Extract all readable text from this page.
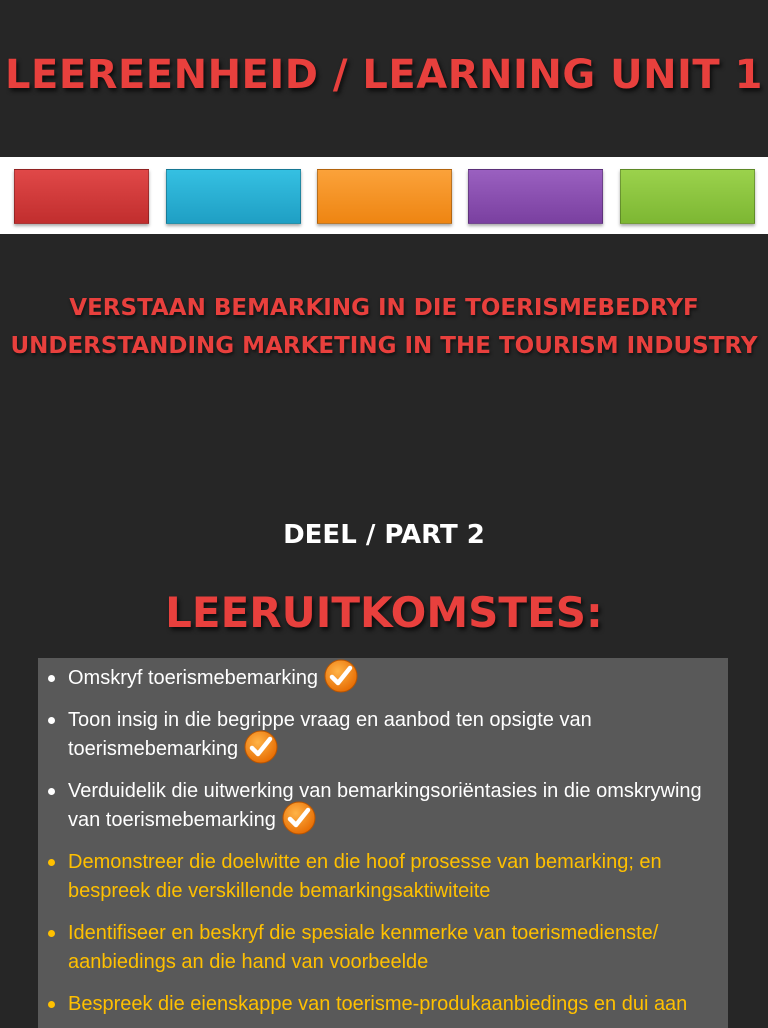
LEEREENHEID / LEARNING UNIT 1

VERSTAAN BEMARKING IN DIE TOERISMEBEDRYF

UNDERSTANDING MARKETING IN THE TOURISM INDUSTRY

DEEL / PART 2

LEERUITKOMSTES:
Omskryf toerismebemarking
Toon insig in die begrippe vraag en aanbod ten opsigte van
toerismebemarking
Verduidelik die uitwerking van bemarkingsoriëntasies in die omskrywing
van toerismebemarking
Demonstreer die doelwitte en die hoof prosesse van bemarking; en
bespreek die verskillende bemarkingsaktiwiteite
Identifiseer en beskryf die spesiale kenmerke van toerismedienste/
aanbiedings an die hand van voorbeelde
Bespreek die eienskappe van toerisme-produkaanbiedings en dui aan
